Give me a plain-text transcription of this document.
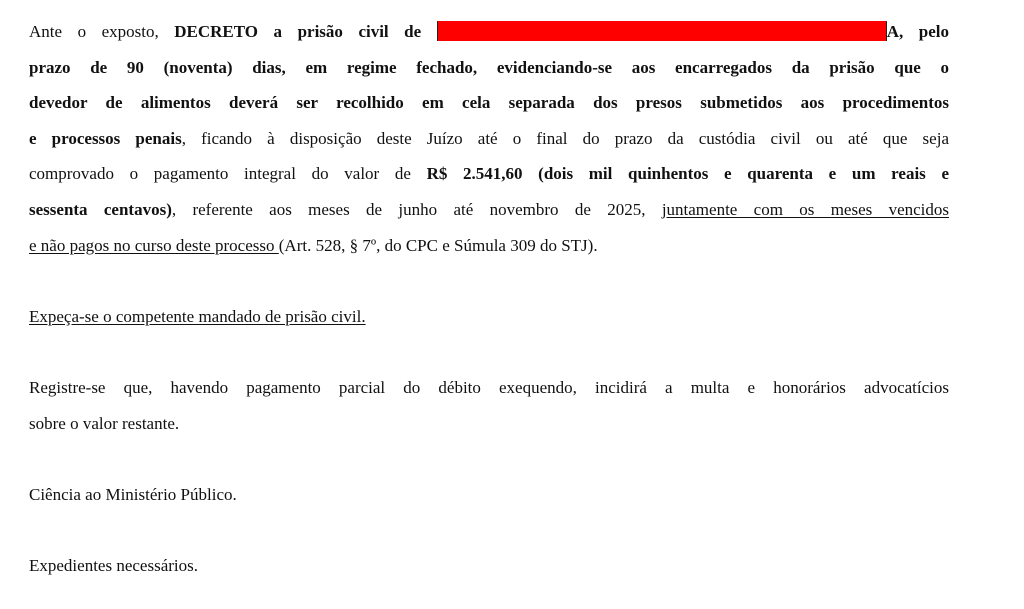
Ante o exposto, DECRETO a prisão civil de	A, pelo
prazo de 90 (noventa) dias, em regime fechado, evidenciando-se aos encarregados da prisão que o
devedor de alimentos deverá ser recolhido em cela separada dos presos submetidos aos procedimentos
e processos penais, ficando à disposição deste Juízo até o final do prazo da custódia civil ou até que seja
comprovado o pagamento integral do valor de R$ 2.541,60 (dois mil quinhentos e quarenta e um reais e
sessenta centavos), referente aos meses de junho até novembro de 2025, juntamente com os meses vencidos
e não pagos no curso deste processo (Art. 528, § 7º, do CPC e Súmula 309 do STJ).

Expeça-se o competente mandado de prisão civil.

Registre-se que, havendo pagamento parcial do débito exequendo, incidirá a multa e honorários advocatícios
sobre o valor restante.

Ciência ao Ministério Público.

Expedientes necessários.
